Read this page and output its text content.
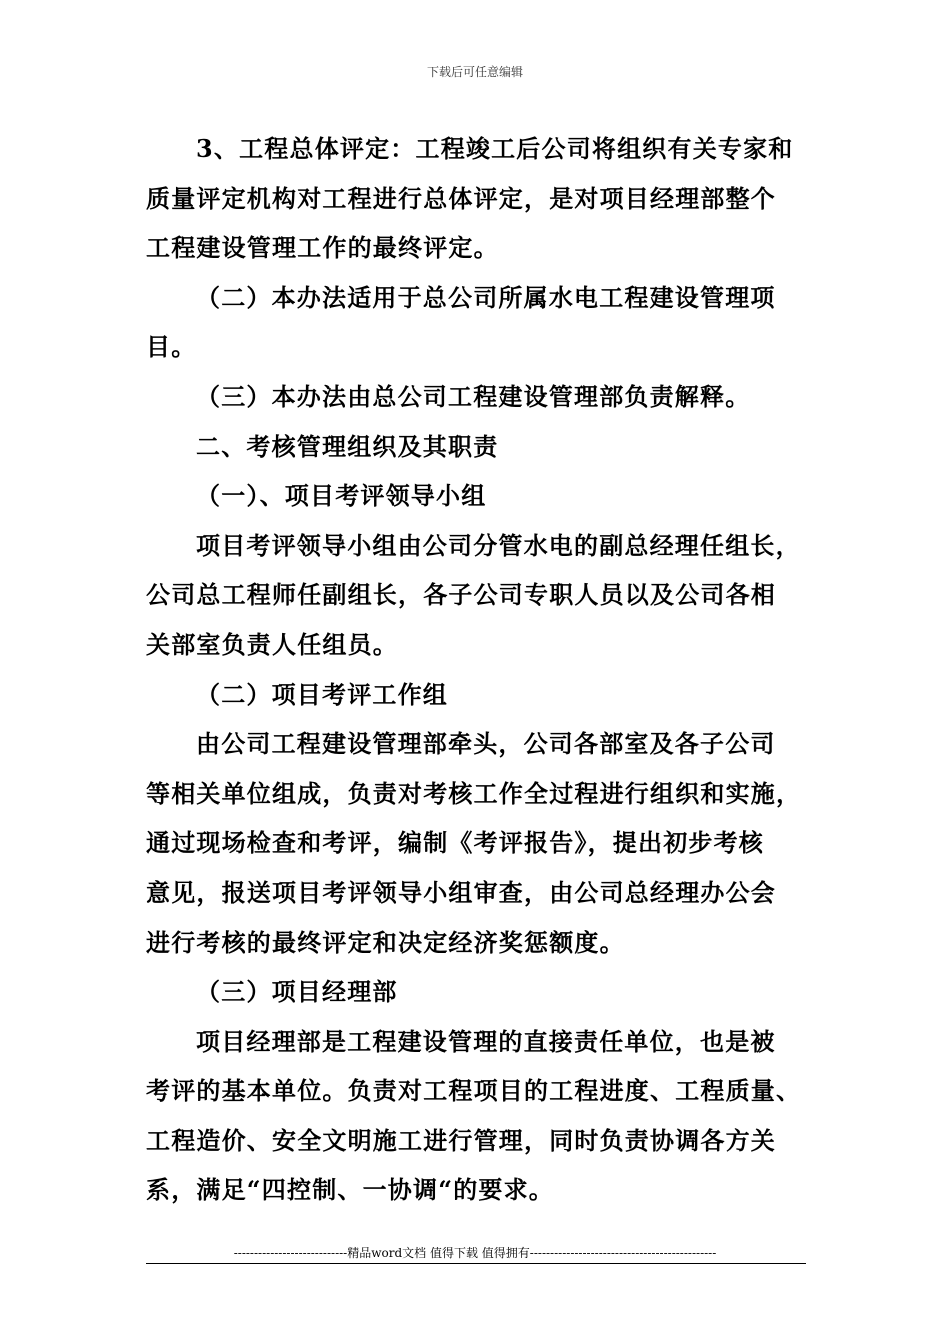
下载后可任意编辑
3、工程总体评定：工程竣工后公司将组织有关专家和
质量评定机构对工程进行总体评定，是对项目经理部整个
工程建设管理工作的最终评定。
（二）本办法适用于总公司所属水电工程建设管理项
目。
（三）本办法由总公司工程建设管理部负责解释。
二、考核管理组织及其职责
（一）、项目考评领导小组
项目考评领导小组由公司分管水电的副总经理任组长，
公司总工程师任副组长，各子公司专职人员以及公司各相
关部室负责人任组员。
（二）项目考评工作组
由公司工程建设管理部牵头，公司各部室及各子公司
等相关单位组成，负责对考核工作全过程进行组织和实施，
通过现场检查和考评，编制《考评报告》，提出初步考核
意见，报送项目考评领导小组审查，由公司总经理办公会
进行考核的最终评定和决定经济奖惩额度。
（三）项目经理部
项目经理部是工程建设管理的直接责任单位，也是被
考评的基本单位。负责对工程项目的工程进度、工程质量、
工程造价、安全文明施工进行管理，同时负责协调各方关
系，满足“四控制、一协调“的要求。
----------------------------精品word文档 值得下载 值得拥有----------------------------------------------
